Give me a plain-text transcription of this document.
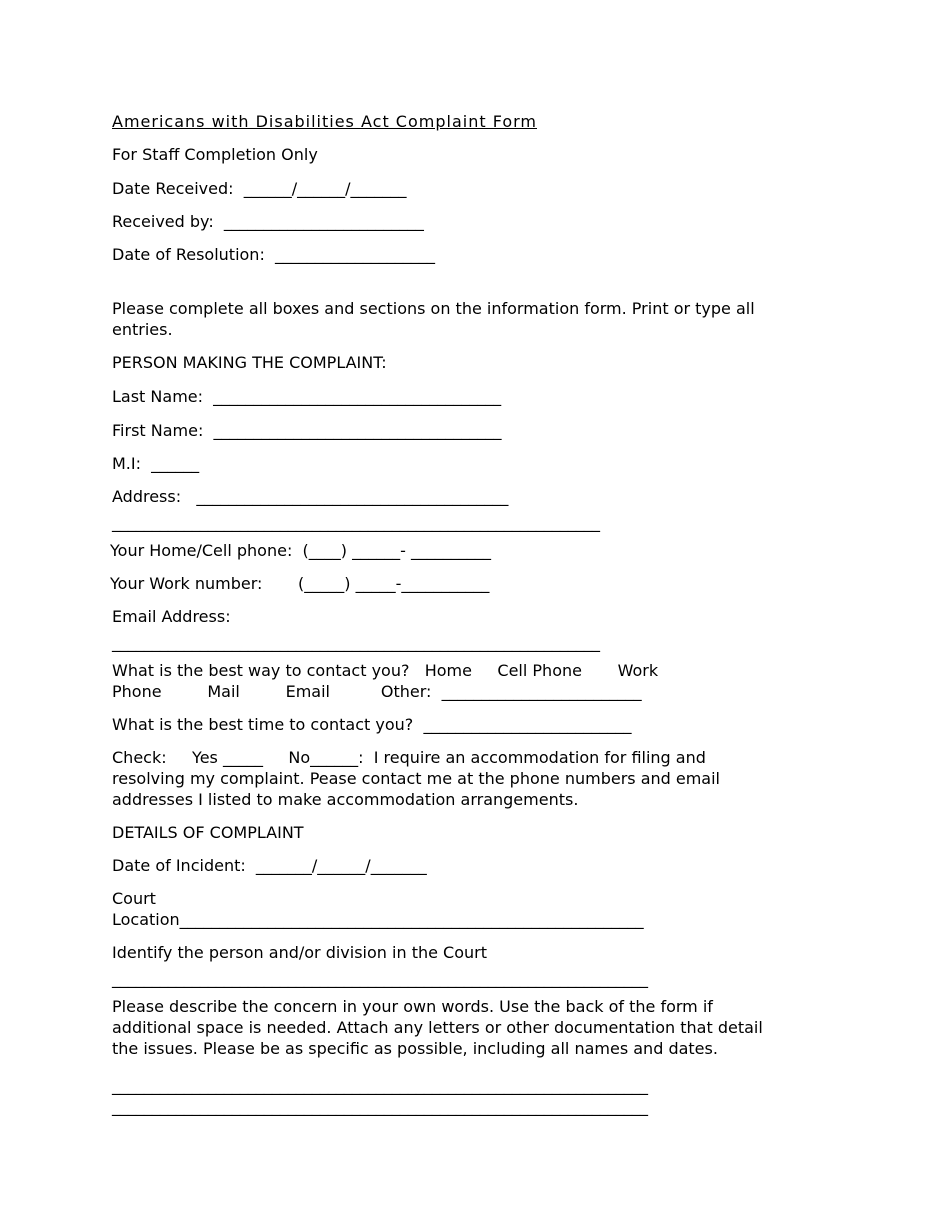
Americans with Disabilities Act Complaint Form
For Staff Completion Only
Date Received:  ______/______/_______
Received by:  _________________________
Date of Resolution:  ____________________
Please complete all boxes and sections on the information form. Print or type all
entries.
PERSON MAKING THE COMPLAINT:
Last Name:  ____________________________________
First Name:  ____________________________________
M.I:  ______
Address:   _______________________________________
_____________________________________________________________
Your Home/Cell phone:  (____) ______- __________
Your Work number:       (_____) _____-___________
Email Address:
_____________________________________________________________
What is the best way to contact you?   Home     Cell Phone       Work
Phone         Mail         Email          Other:  _________________________
What is the best time to contact you?  __________________________
Check:     Yes _____     No______:  I require an accommodation for filing and
resolving my complaint. Pease contact me at the phone numbers and email
addresses I listed to make accommodation arrangements.
DETAILS OF COMPLAINT
Date of Incident:  _______/______/_______
Court
Location__________________________________________________________
Identify the person and/or division in the Court
___________________________________________________________________
Please describe the concern in your own words. Use the back of the form if
additional space is needed. Attach any letters or other documentation that detail
the issues. Please be as specific as possible, including all names and dates.
___________________________________________________________________
___________________________________________________________________
